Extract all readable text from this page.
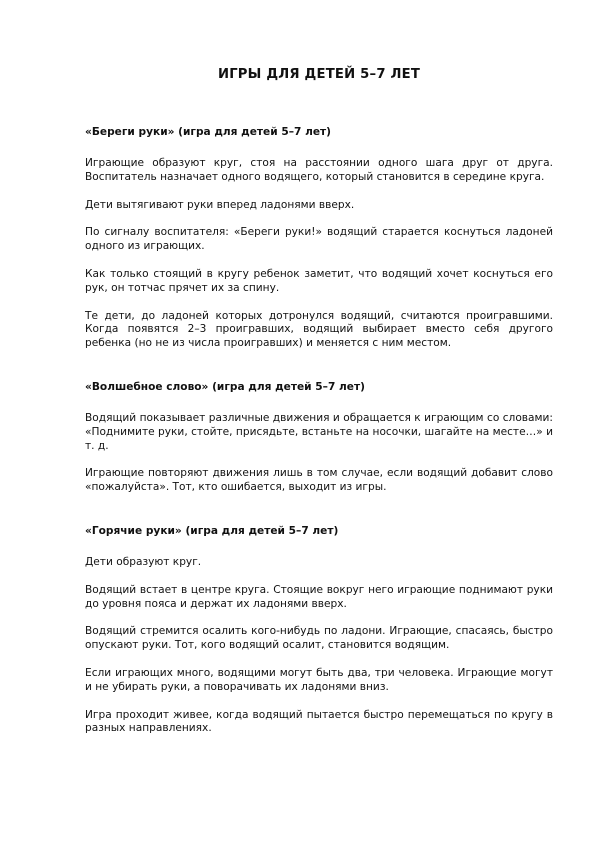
ИГРЫ ДЛЯ ДЕТЕЙ 5–7 ЛЕТ
«Береги руки» (игра для детей 5–7 лет)

Играющие образуют круг, стоя на расстоянии одного шага друг от друга. Воспитатель назначает одного водящего, который становится в середине круга.

Дети вытягивают руки вперед ладонями вверх.

По сигналу воспитателя: «Береги руки!» водящий старается коснуться ладоней одного из играющих.

Как только стоящий в кругу ребенок заметит, что водящий хочет коснуться его рук, он тотчас прячет их за спину.

Те дети, до ладоней которых дотронулся водящий, считаются проигравшими. Когда появятся 2–3 проигравших, водящий выбирает вместо себя другого ребенка (но не из числа проигравших) и меняется с ним местом.

«Волшебное слово» (игра для детей 5–7 лет)

Водящий показывает различные движения и обращается к играющим со словами: «Поднимите руки, стойте, присядьте, встаньте на носочки, шагайте на месте…» и т. д.

Играющие повторяют движения лишь в том случае, если водящий добавит слово «пожалуйста». Тот, кто ошибается, выходит из игры.

«Горячие руки» (игра для детей 5–7 лет)

Дети образуют круг.

Водящий встает в центре круга. Стоящие вокруг него играющие поднимают руки до уровня пояса и держат их ладонями вверх.

Водящий стремится осалить кого-нибудь по ладони. Играющие, спасаясь, быстро опускают руки. Тот, кого водящий осалит, становится водящим.

Если играющих много, водящими могут быть два, три человека. Играющие могут и не убирать руки, а поворачивать их ладонями вниз.

Игра проходит живее, когда водящий пытается быстро перемещаться по кругу в разных направлениях.
